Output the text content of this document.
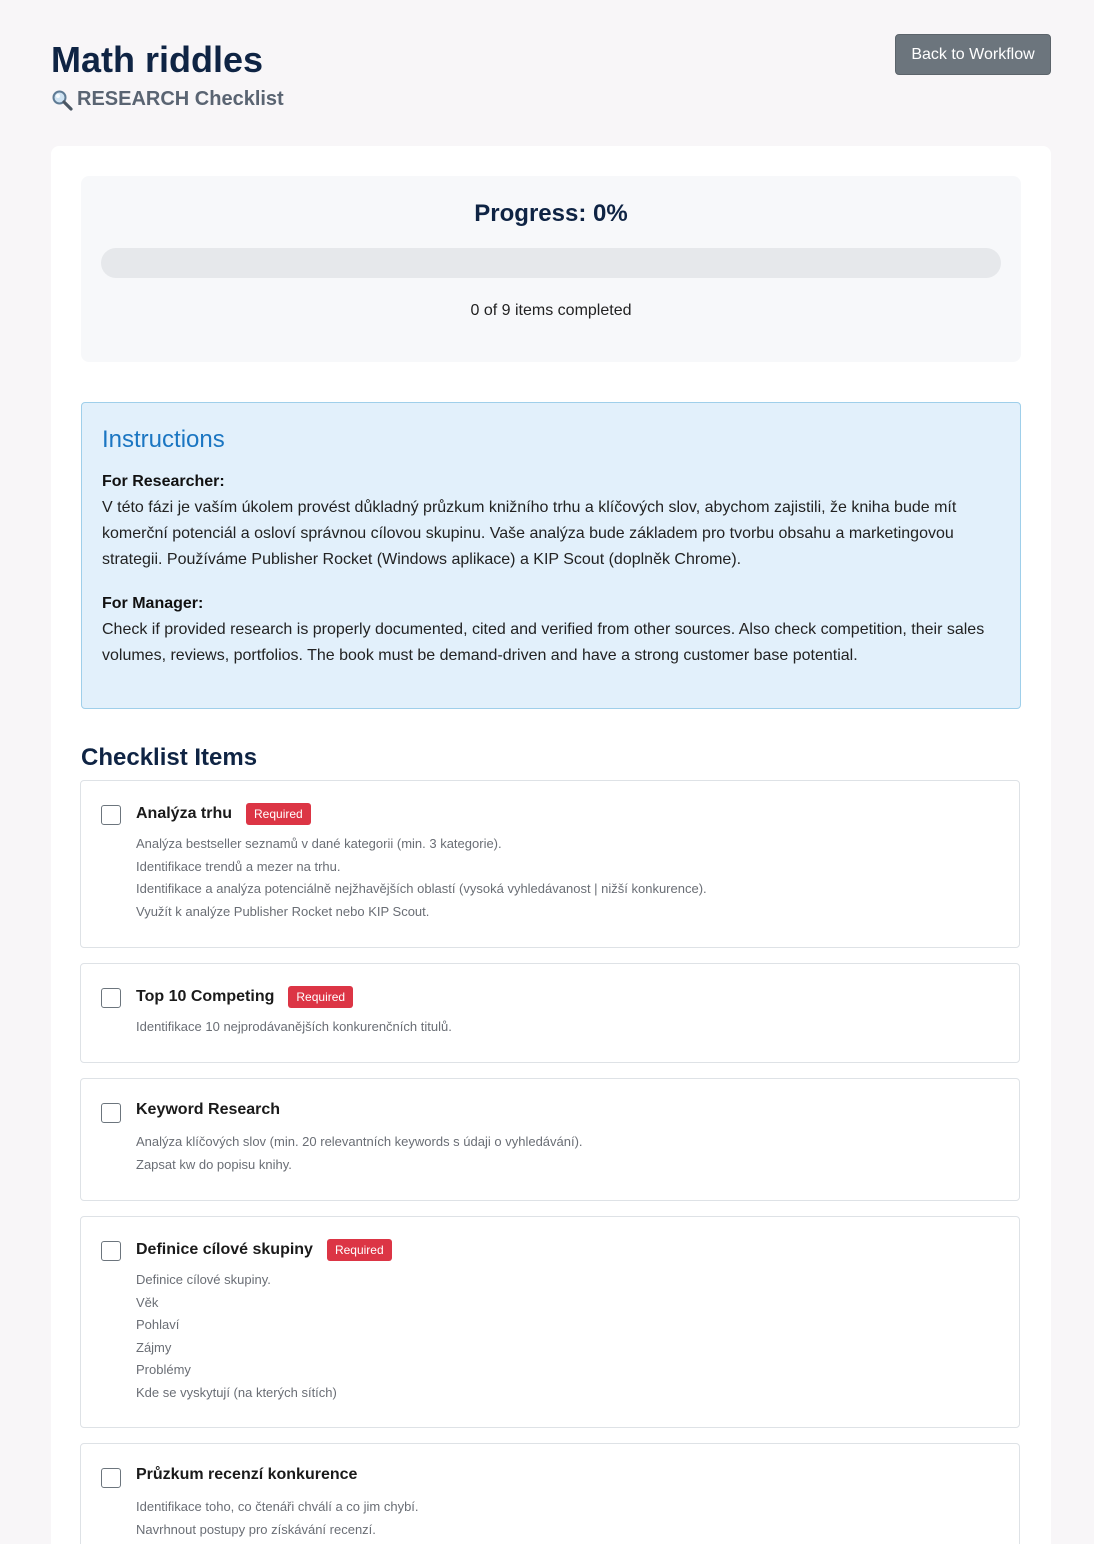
Math riddles
RESEARCH Checklist
Back to Workflow
Progress: 0%
0 of 9 items completed
Instructions
For Researcher:
V této fázi je vaším úkolem provést důkladný průzkum knižního trhu a klíčových slov, abychom zajistili, že kniha bude mít komerční potenciál a osloví správnou cílovou skupinu. Vaše analýza bude základem pro tvorbu obsahu a marketingovou strategii. Používáme Publisher Rocket (Windows aplikace) a KIP Scout (doplněk Chrome).
For Manager:
Check if provided research is properly documented, cited and verified from other sources. Also check competition, their sales volumes, reviews, portfolios. The book must be demand-driven and have a strong customer base potential.
Checklist Items
Analýza trhu	Required
Analýza bestseller seznamů v dané kategorii (min. 3 kategorie).
Identifikace trendů a mezer na trhu.
Identifikace a analýza potenciálně nejžhavějších oblastí (vysoká vyhledávanost | nižší konkurence).
Využít k analýze Publisher Rocket nebo KIP Scout.
Top 10 Competing	Required
Identifikace 10 nejprodávanějších konkurenčních titulů.
Keyword Research
Analýza klíčových slov (min. 20 relevantních keywords s údaji o vyhledávání).
Zapsat kw do popisu knihy.
Definice cílové skupiny	Required
Definice cílové skupiny.
Věk
Pohlaví
Zájmy
Problémy
Kde se vyskytují (na kterých sítích)
Průzkum recenzí konkurence
Identifikace toho, co čtenáři chválí a co jim chybí.
Navrhnout postupy pro získávání recenzí.
